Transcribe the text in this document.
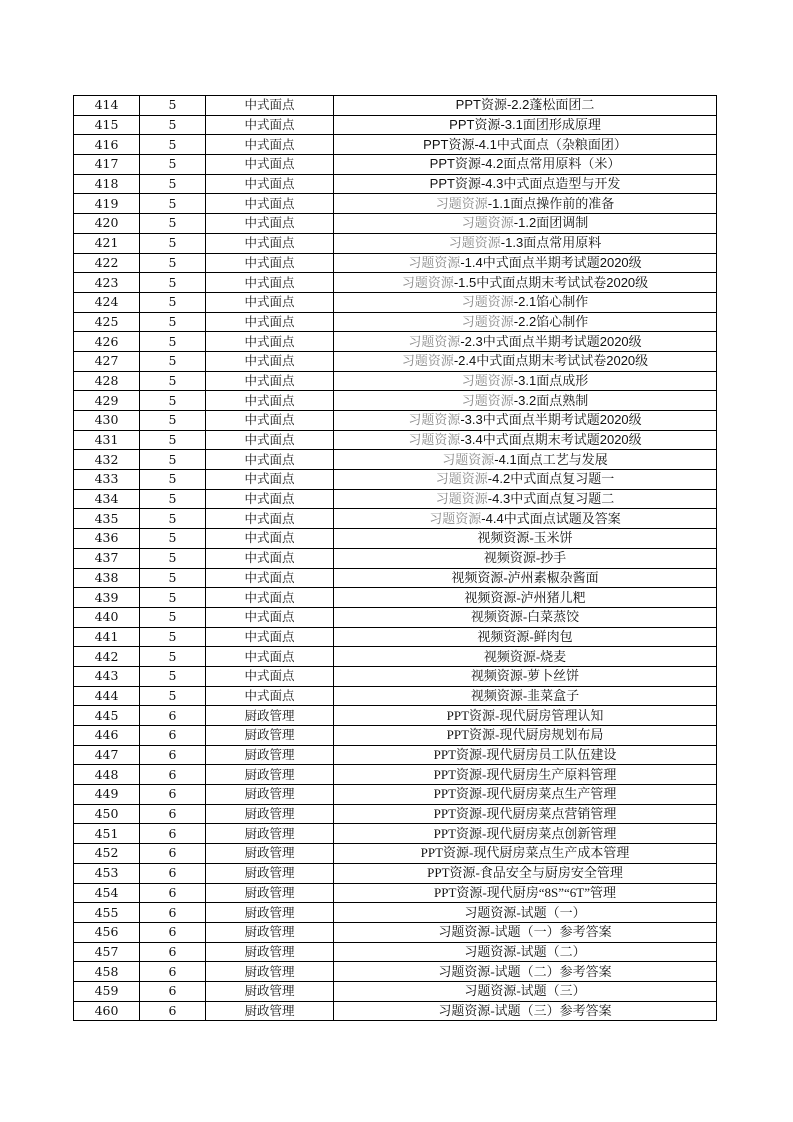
414	5	中式面点	PPT资源-2.2蓬松面团二
415	5	中式面点	PPT资源-3.1面团形成原理
416	5	中式面点	PPT资源-4.1中式面点（杂粮面团）
417	5	中式面点	PPT资源-4.2面点常用原料（米）
418	5	中式面点	PPT资源-4.3中式面点造型与开发
419	5	中式面点	习题资源-1.1面点操作前的准备
420	5	中式面点	习题资源-1.2面团调制
421	5	中式面点	习题资源-1.3面点常用原料
422	5	中式面点	习题资源-1.4中式面点半期考试题2020级
423	5	中式面点	习题资源-1.5中式面点期末考试试卷2020级
424	5	中式面点	习题资源-2.1馅心制作
425	5	中式面点	习题资源-2.2馅心制作
426	5	中式面点	习题资源-2.3中式面点半期考试题2020级
427	5	中式面点	习题资源-2.4中式面点期末考试试卷2020级
428	5	中式面点	习题资源-3.1面点成形
429	5	中式面点	习题资源-3.2面点熟制
430	5	中式面点	习题资源-3.3中式面点半期考试题2020级
431	5	中式面点	习题资源-3.4中式面点期末考试题2020级
432	5	中式面点	习题资源-4.1面点工艺与发展
433	5	中式面点	习题资源-4.2中式面点复习题一
434	5	中式面点	习题资源-4.3中式面点复习题二
435	5	中式面点	习题资源-4.4中式面点试题及答案
436	5	中式面点	视频资源-玉米饼
437	5	中式面点	视频资源-抄手
438	5	中式面点	视频资源-泸州素椒杂酱面
439	5	中式面点	视频资源-泸州猪儿粑
440	5	中式面点	视频资源-白菜蒸饺
441	5	中式面点	视频资源-鲜肉包
442	5	中式面点	视频资源-烧麦
443	5	中式面点	视频资源-萝卜丝饼
444	5	中式面点	视频资源-韭菜盒子
445	6	厨政管理	PPT资源-现代厨房管理认知
446	6	厨政管理	PPT资源-现代厨房规划布局
447	6	厨政管理	PPT资源-现代厨房员工队伍建设
448	6	厨政管理	PPT资源-现代厨房生产原料管理
449	6	厨政管理	PPT资源-现代厨房菜点生产管理
450	6	厨政管理	PPT资源-现代厨房菜点营销管理
451	6	厨政管理	PPT资源-现代厨房菜点创新管理
452	6	厨政管理	PPT资源-现代厨房菜点生产成本管理
453	6	厨政管理	PPT资源-食品安全与厨房安全管理
454	6	厨政管理	PPT资源-现代厨房“8S”“6T”管理
455	6	厨政管理	习题资源-试题（一）
456	6	厨政管理	习题资源-试题（一）参考答案
457	6	厨政管理	习题资源-试题（二）
458	6	厨政管理	习题资源-试题（二）参考答案
459	6	厨政管理	习题资源-试题（三）
460	6	厨政管理	习题资源-试题（三）参考答案
